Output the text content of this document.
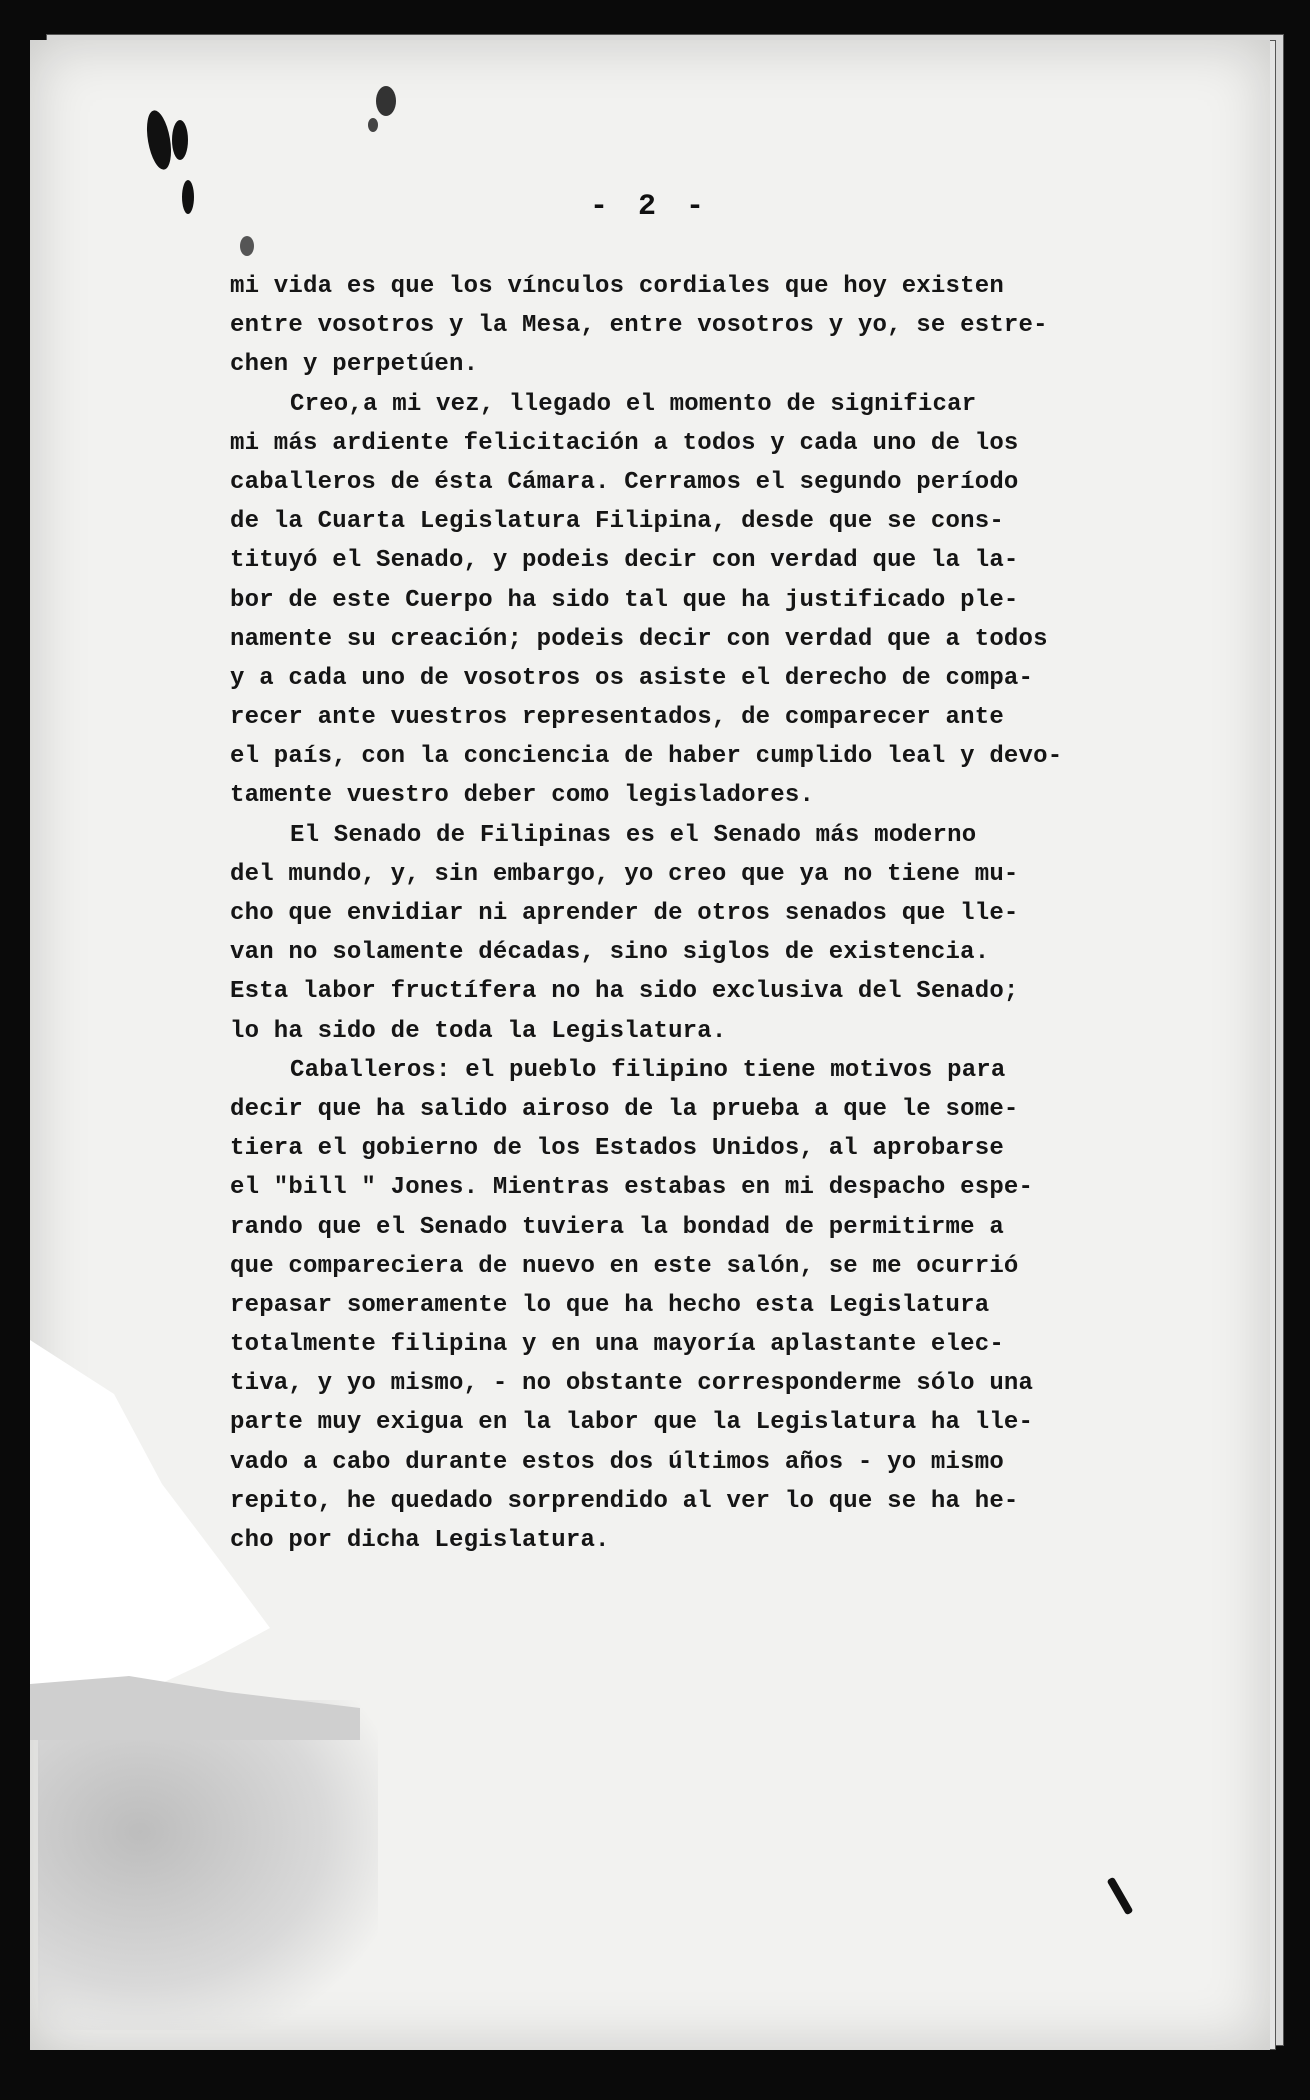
- 2 -
mi vida es que los vínculos cordiales que hoy existen
entre vosotros y la Mesa, entre vosotros y yo, se estre-
chen y perpetúen.
Creo,a mi vez, llegado el momento de significar
mi más ardiente felicitación a todos y cada uno de los
caballeros de ésta Cámara. Cerramos el segundo período
de la Cuarta Legislatura Filipina, desde que se cons-
tituyó el Senado, y podeis decir con verdad que la la-
bor de este Cuerpo ha sido tal que ha justificado ple-
namente su creación; podeis decir con verdad que a todos
y a cada uno de vosotros os asiste el derecho de compa-
recer ante vuestros representados, de comparecer ante
el país, con la conciencia de haber cumplido leal y devo-
tamente vuestro deber como legisladores.
El Senado de Filipinas es el Senado más moderno
del mundo, y, sin embargo, yo creo que ya no tiene mu-
cho que envidiar ni aprender de otros senados que lle-
van no solamente décadas, sino siglos de existencia.
Esta labor fructífera no ha sido exclusiva del Senado;
lo ha sido de toda la Legislatura.
Caballeros: el pueblo filipino tiene motivos para
decir que ha salido airoso de la prueba a que le some-
tiera el gobierno de los Estados Unidos, al aprobarse
el "bill " Jones. Mientras estabas en mi despacho espe-
rando que el Senado tuviera la bondad de permitirme a
que compareciera de nuevo en este salón, se me ocurrió
repasar someramente lo que ha hecho esta Legislatura
totalmente filipina y en una mayoría aplastante elec-
tiva, y yo mismo, - no obstante corresponderme sólo una
parte muy exigua en la labor que la Legislatura ha lle-
vado a cabo durante estos dos últimos años - yo mismo
repito, he quedado sorprendido al ver lo que se ha he-
cho por dicha Legislatura.
